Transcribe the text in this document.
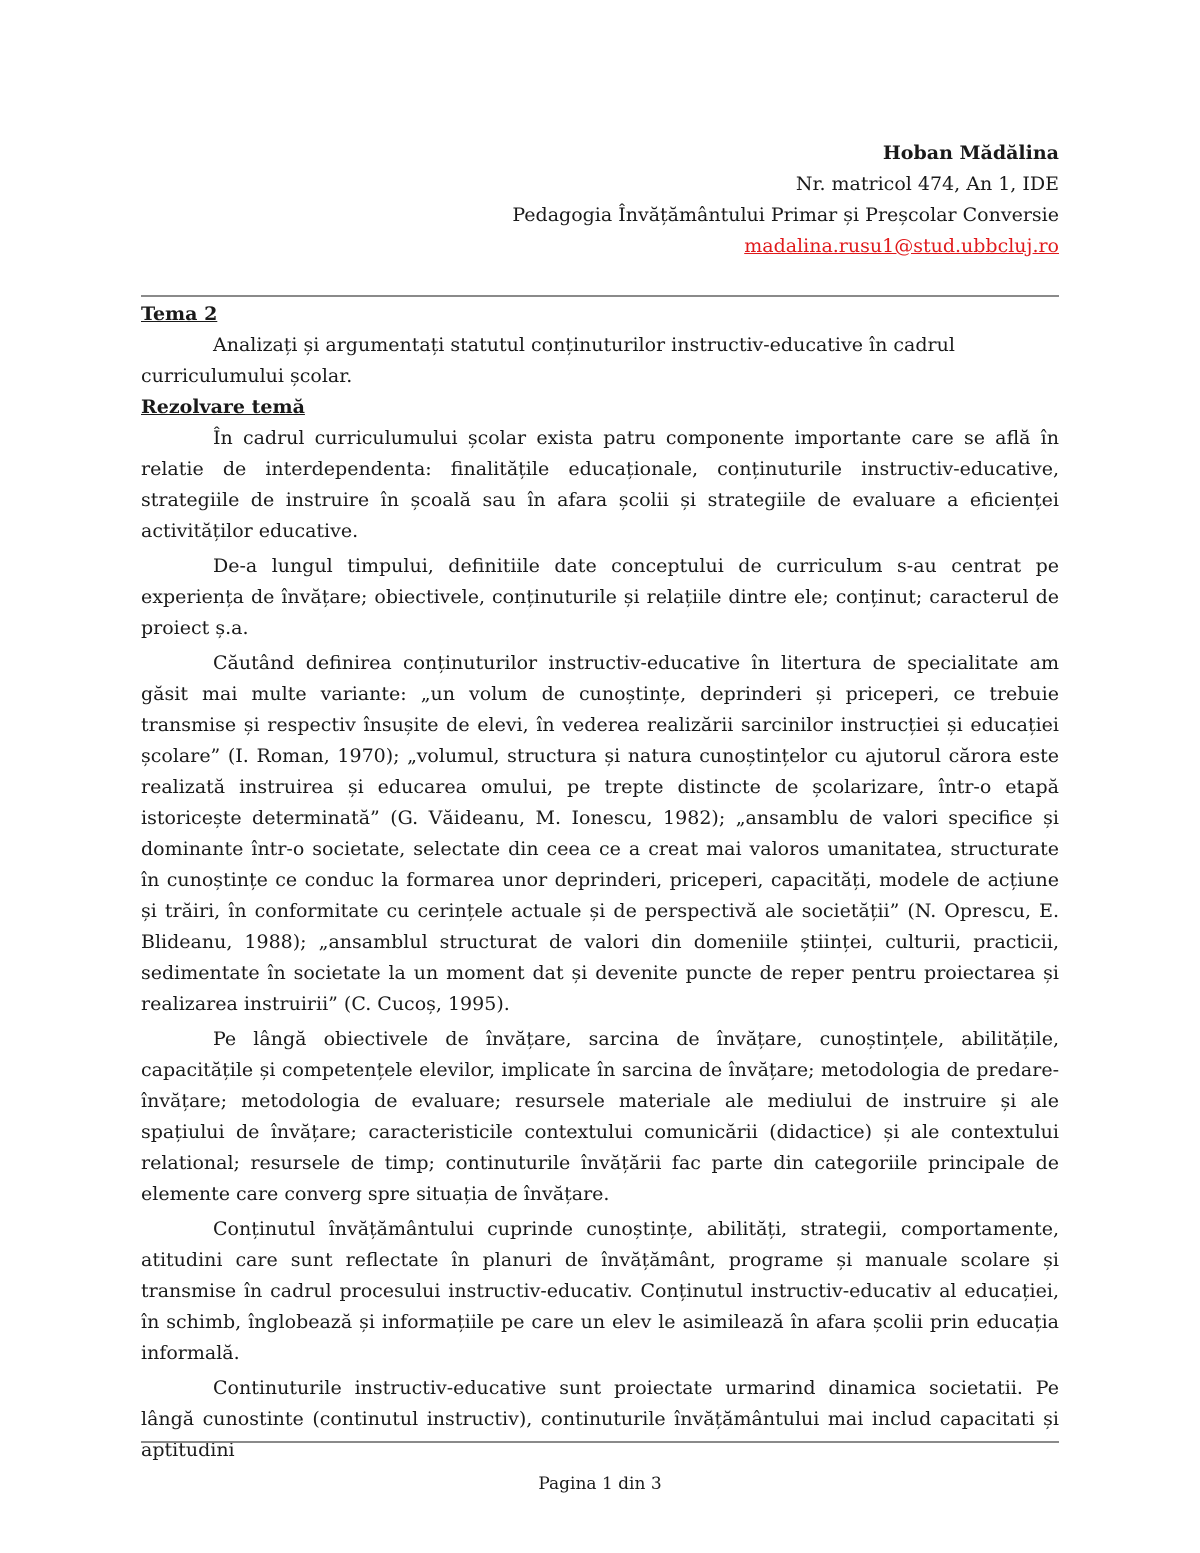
Hoban Mădălina
Nr. matricol 474, An 1, IDE
Pedagogia Învățământului Primar și Preșcolar Conversie
madalina.rusu1@stud.ubbcluj.ro

Tema 2

Analizați și argumentați statutul conținuturilor instructiv-educative în cadrul curriculumului școlar.

Rezolvare temă

În cadrul curriculumului școlar exista patru componente importante care se află în relatie de interdependenta: finalitățile educaționale, conținuturile instructiv-educative, strategiile de instruire în școală sau în afara școlii și strategiile de evaluare a eficienței activităților educative.

De-a lungul timpului, definitiile date conceptului de curriculum s-au centrat pe experiența de învățare; obiectivele, conținuturile și relațiile dintre ele; conținut; caracterul de proiect ș.a.

Căutând definirea conținuturilor instructiv-educative în litertura de specialitate am găsit mai multe variante: „un volum de cunoștințe, deprinderi și priceperi, ce trebuie transmise și respectiv însușite de elevi, în vederea realizării sarcinilor instrucției și educației școlare” (I. Roman, 1970); „volumul, structura și natura cunoștințelor cu ajutorul cărora este realizată instruirea și educarea omului, pe trepte distincte de școlarizare, într-o etapă istoricește determinată” (G. Văideanu, M. Ionescu, 1982); „ansamblu de valori specifice și dominante într-o societate, selectate din ceea ce a creat mai valoros umanitatea, structurate în cunoștințe ce conduc la formarea unor deprinderi, priceperi, capacități, modele de acțiune și trăiri, în conformitate cu cerințele actuale și de perspectivă ale societății” (N. Oprescu, E. Blideanu, 1988); „ansamblul structurat de valori din domeniile științei, culturii, practicii, sedimentate în societate la un moment dat și devenite puncte de reper pentru proiectarea și realizarea instruirii” (C. Cucoș, 1995).

Pe lângă obiectivele de învățare, sarcina de învățare, cunoștințele, abilitățile, capacitățile și competențele elevilor, implicate în sarcina de învățare; metodologia de predare-învățare; metodologia de evaluare; resursele materiale ale mediului de instruire și ale spațiului de învățare; caracteristicile contextului comunicării (didactice) și ale contextului relational; resursele de timp; continuturile învățării fac parte din categoriile principale de elemente care converg spre situația de învățare.

Conținutul învățământului cuprinde cunoștințe, abilități, strategii, comportamente, atitudini care sunt reflectate în planuri de învățământ, programe și manuale scolare și transmise în cadrul procesului instructiv-educativ. Conținutul instructiv-educativ al educației, în schimb, înglobează și informațiile pe care un elev le asimilează în afara școlii prin educația informală.

Continuturile instructiv-educative sunt proiectate urmarind dinamica societatii. Pe lângă cunostinte (continutul instructiv), continuturile învățământului mai includ capacitati și aptitudini

Pagina 1 din 3
